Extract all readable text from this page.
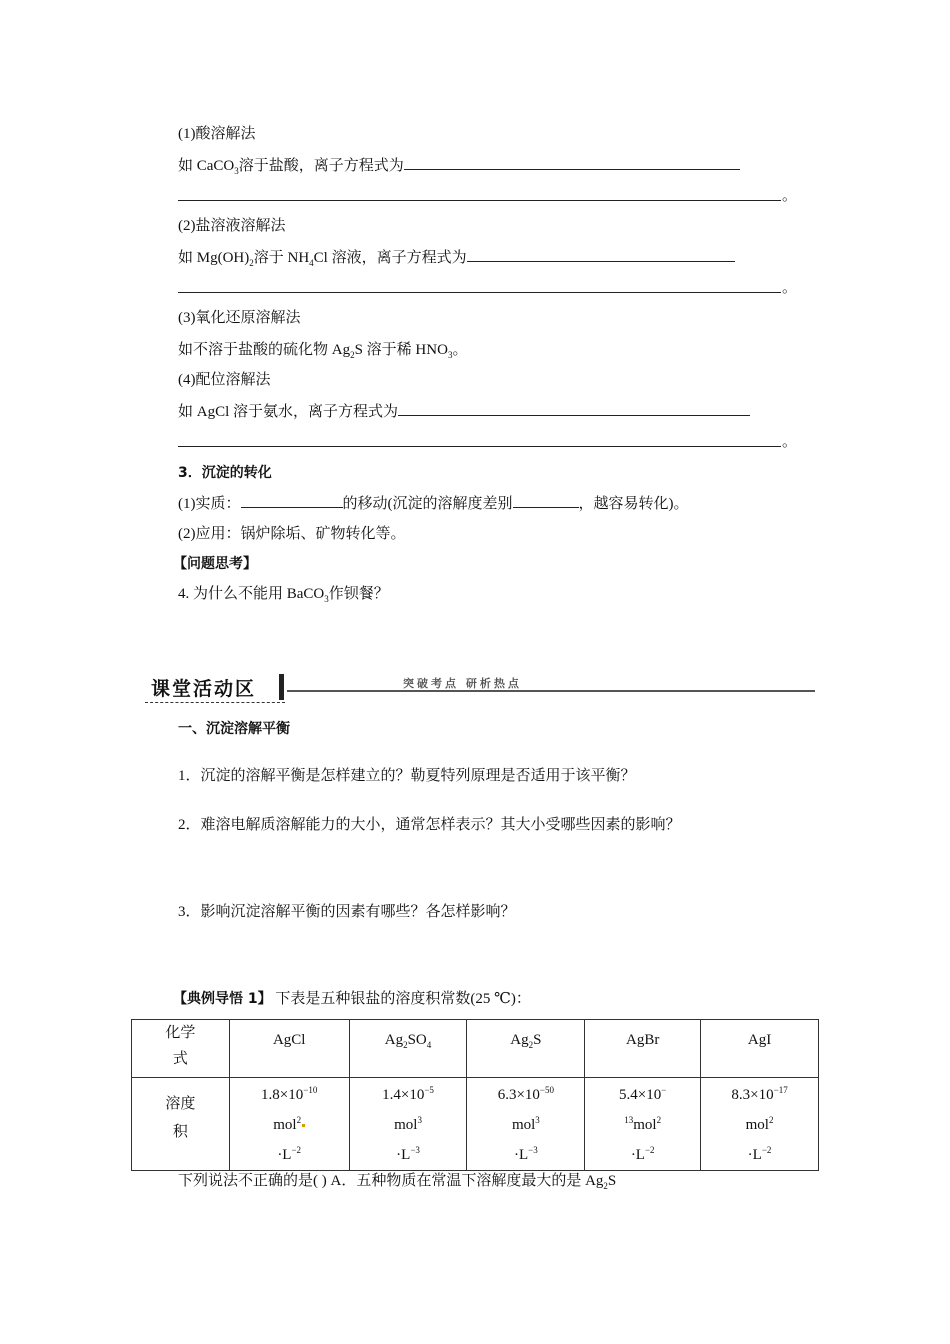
(1)酸溶解法
如 CaCO$_3$溶于盐酸，离子方程式为
。
(2)盐溶液溶解法
如 $Mg(OH)_2$溶于 $NH_4Cl$ 溶液，离子方程式为
。
(3)氧化还原溶解法
如不溶于盐酸的硫化物 $Ag_2S$ 溶于稀 $HNO_3$。
(4)配位溶解法
如 AgCl 溶于氨水，离子方程式为
。
3．沉淀的转化
(1)实质：	的移动(沉淀的溶解度差别	，越容易转化)。
(2)应用：锅炉除垢、矿物转化等。
【问题思考】
4. 为什么不能用 BaCO$_3$作钡餐？
课堂活动区	突破考点 研析热点
一、沉淀溶解平衡
1．沉淀的溶解平衡是怎样建立的？勒夏特列原理是否适用于该平衡？
2．难溶电解质溶解能力的大小，通常怎样表示？其大小受哪些因素的影响？
3．影响沉淀溶解平衡的因素有哪些？各怎样影响？
【典例导悟 1】 下表是五种银盐的溶度积常数(25 ℃)：
化学
式	AgCl	$Ag_2SO_4$	$Ag_2S$	AgBr	AgI

溶度
积	$1.8\times 10^{-10}$
mol$^2$
$\cdot L^{-2}$	$1.4\times 10^{-5}$
mol$^3$
$\cdot L^{-3}$	$6.3\times 10^{-50}$
mol$^3$
$\cdot L^{-3}$	5.4×10−
$^{13}$mol$^2$
$\cdot L^{-2}$	$8.3\times 10^{-17}$
mol$^2$
$\cdot L^{-2}$
下列说法不正确的是( ) A．五种物质在常温下溶解度最大的是 $Ag_2S$
